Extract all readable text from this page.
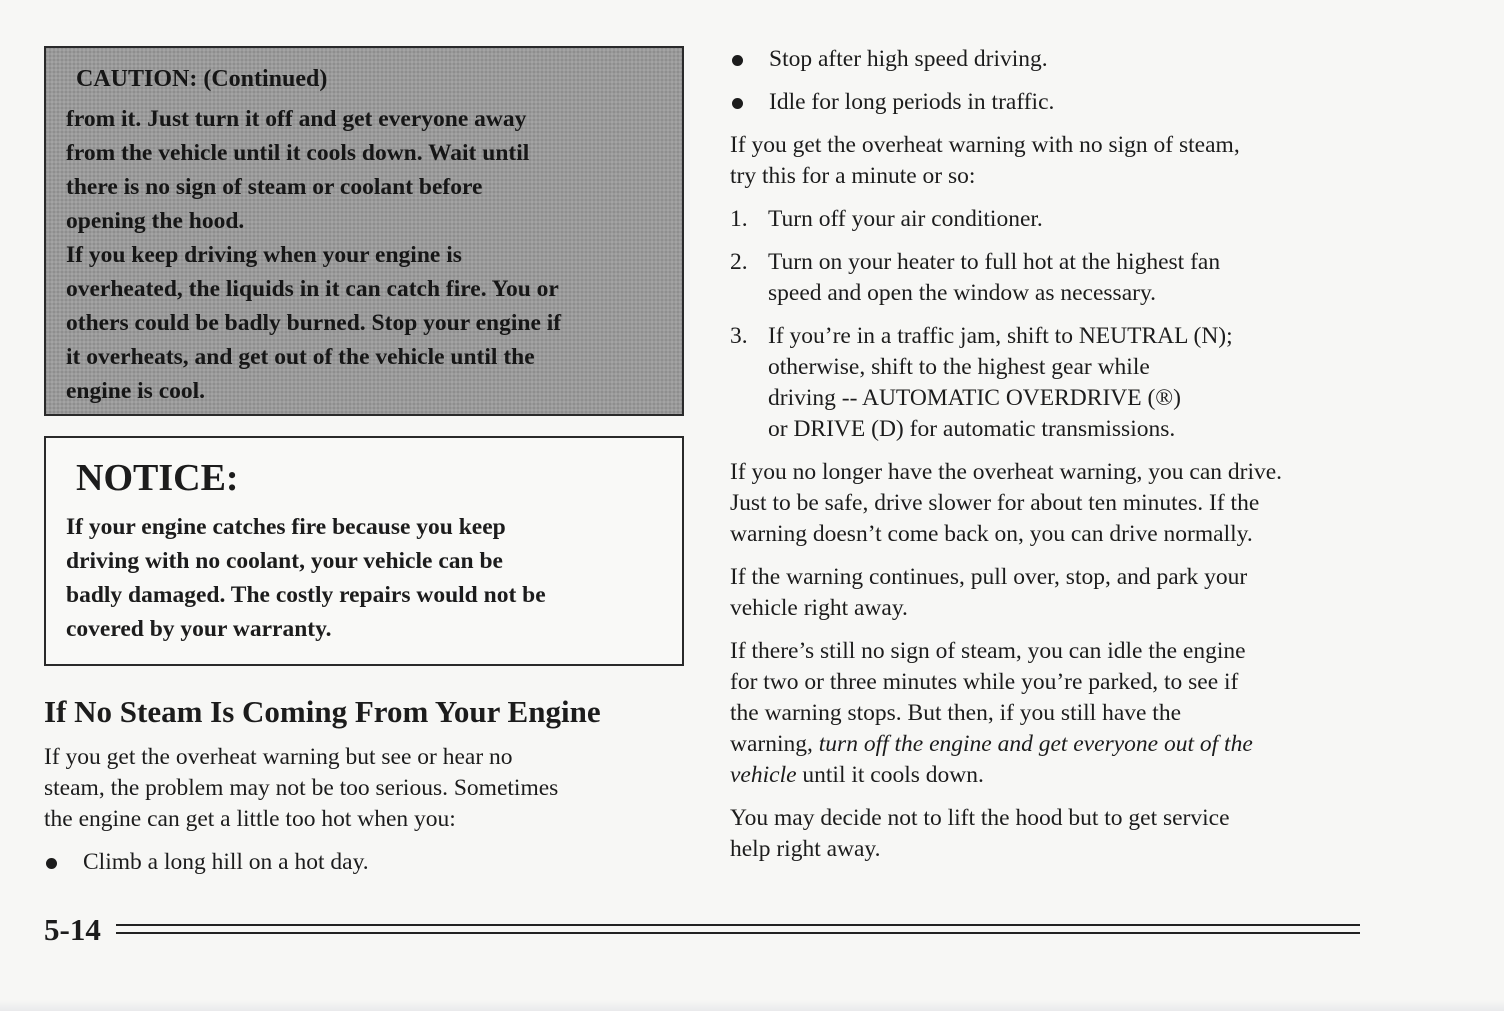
CAUTION: (Continued)

from it. Just turn it off and get everyone away
from the vehicle until it cools down. Wait until
there is no sign of steam or coolant before
opening the hood.
If you keep driving when your engine is
overheated, the liquids in it can catch fire. You or
others could be badly burned. Stop your engine if
it overheats, and get out of the vehicle until the
engine is cool.

NOTICE:

If your engine catches fire because you keep
driving with no coolant, your vehicle can be
badly damaged. The costly repairs would not be
covered by your warranty.

If No Steam Is Coming From Your Engine

If you get the overheat warning but see or hear no
steam, the problem may not be too serious. Sometimes
the engine can get a little too hot when you:

Climb a long hill on a hot day.
Stop after high speed driving.
Idle for long periods in traffic.

If you get the overheat warning with no sign of steam,
try this for a minute or so:

1. Turn off your air conditioner.
2. Turn on your heater to full hot at the highest fan
speed and open the window as necessary.
3. If you’re in a traffic jam, shift to NEUTRAL (N);
otherwise, shift to the highest gear while
driving -- AUTOMATIC OVERDRIVE (®)
or DRIVE (D) for automatic transmissions.

If you no longer have the overheat warning, you can drive.
Just to be safe, drive slower for about ten minutes. If the
warning doesn’t come back on, you can drive normally.

If the warning continues, pull over, stop, and park your
vehicle right away.

If there’s still no sign of steam, you can idle the engine
for two or three minutes while you’re parked, to see if
the warning stops. But then, if you still have the
warning, turn off the engine and get everyone out of the
vehicle until it cools down.

You may decide not to lift the hood but to get service
help right away.

5-14
